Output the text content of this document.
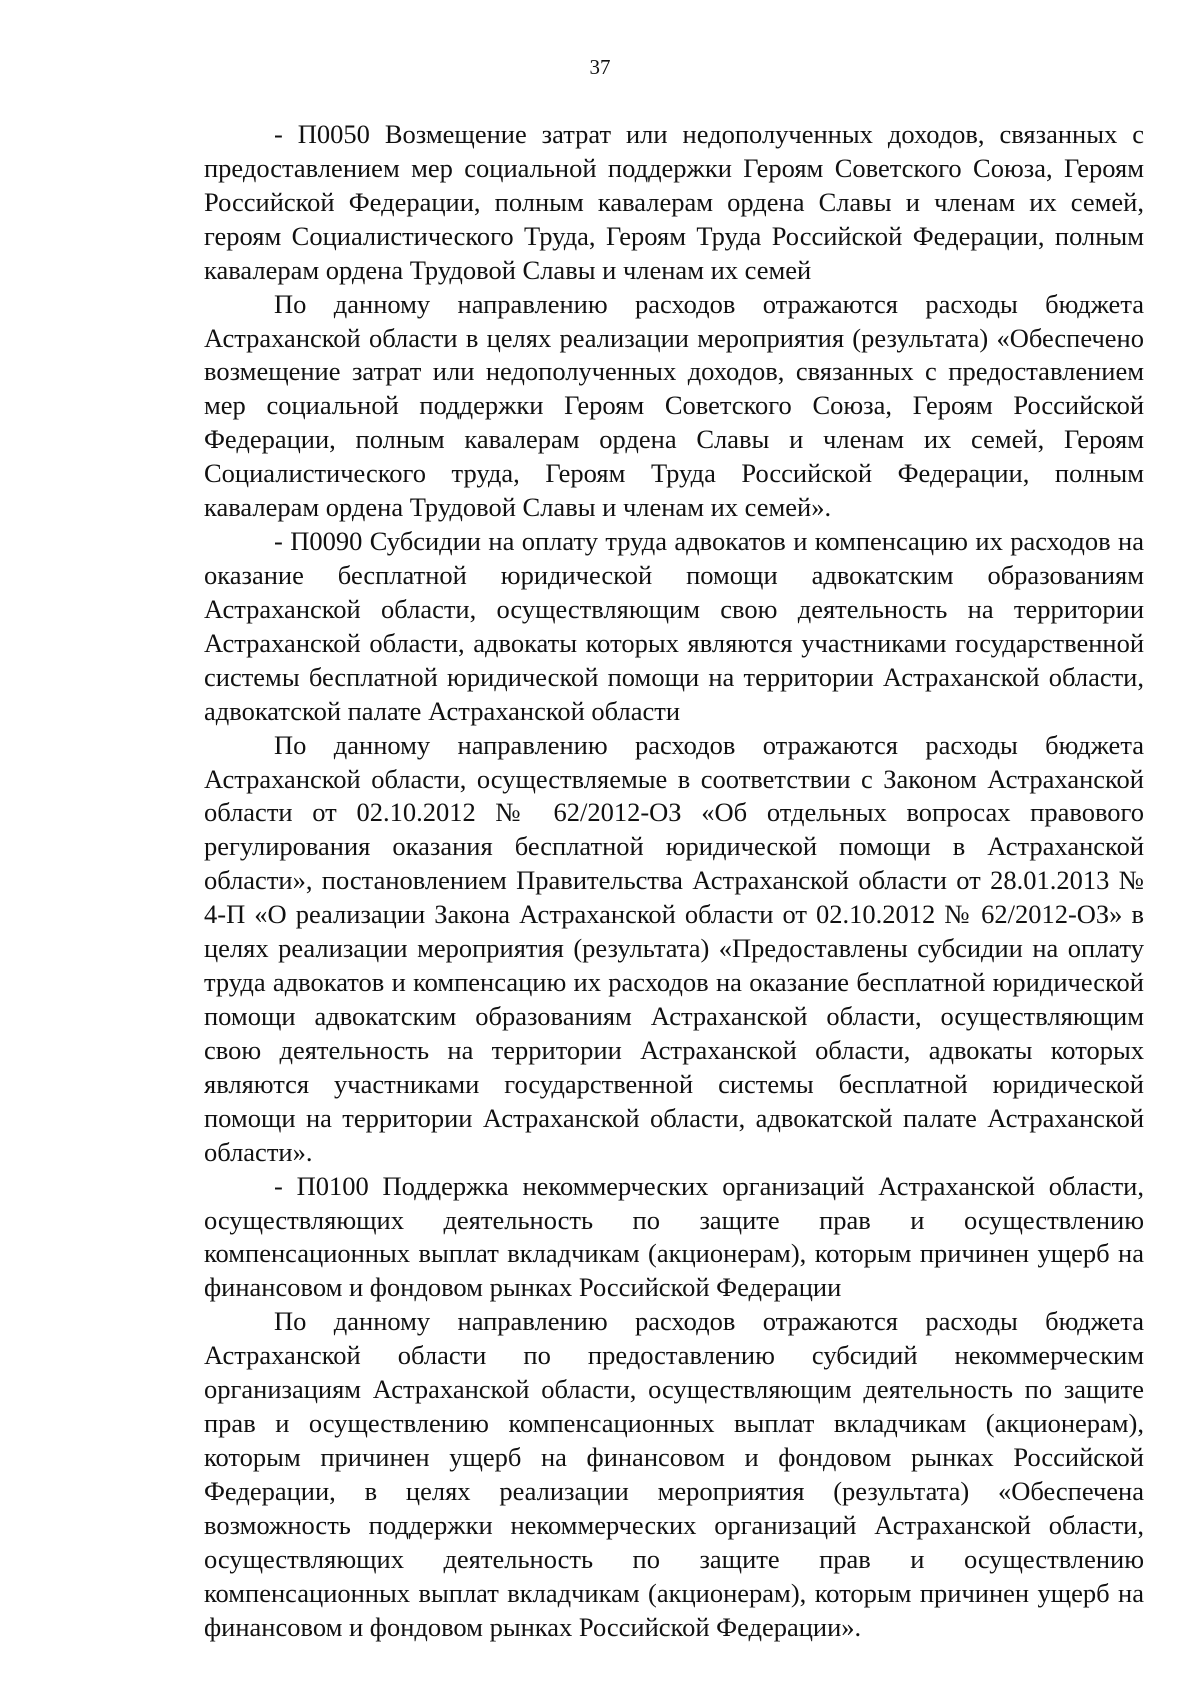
37

- П0050 Возмещение затрат или недополученных доходов, связанных с предоставлением мер социальной поддержки Героям Советского Союза, Героям Российской Федерации, полным кавалерам ордена Славы и членам их семей, героям Социалистического Труда, Героям Труда Российской Федерации, полным кавалерам ордена Трудовой Славы и членам их семей

По данному направлению расходов отражаются расходы бюджета Астраханской области в целях реализации мероприятия (результата) «Обеспечено возмещение затрат или недополученных доходов, связанных с предоставлением мер социальной поддержки Героям Советского Союза, Героям Российской Федерации, полным кавалерам ордена Славы и членам их семей, Героям Социалистического труда, Героям Труда Российской Федерации, полным кавалерам ордена Трудовой Славы и членам их семей».

- П0090 Субсидии на оплату труда адвокатов и компенсацию их расходов на оказание бесплатной юридической помощи адвокатским образованиям Астраханской области, осуществляющим свою деятельность на территории Астраханской области, адвокаты которых являются участниками государственной системы бесплатной юридической помощи на территории Астраханской области, адвокатской палате Астраханской области

По данному направлению расходов отражаются расходы бюджета Астраханской области, осуществляемые в соответствии с Законом Астраханской области от 02.10.2012 № 62/2012-ОЗ «Об отдельных вопросах правового регулирования оказания бесплатной юридической помощи в Астраханской области», постановлением Правительства Астраханской области от 28.01.2013 № 4-П «О реализации Закона Астраханской области от 02.10.2012 № 62/2012-ОЗ» в целях реализации мероприятия (результата) «Предоставлены субсидии на оплату труда адвокатов и компенсацию их расходов на оказание бесплатной юридической помощи адвокатским образованиям Астраханской области, осуществляющим свою деятельность на территории Астраханской области, адвокаты которых являются участниками государственной системы бесплатной юридической помощи на территории Астраханской области, адвокатской палате Астраханской области».

- П0100 Поддержка некоммерческих организаций Астраханской области, осуществляющих деятельность по защите прав и осуществлению компенсационных выплат вкладчикам (акционерам), которым причинен ущерб на финансовом и фондовом рынках Российской Федерации

По данному направлению расходов отражаются расходы бюджета Астраханской области по предоставлению субсидий некоммерческим организациям Астраханской области, осуществляющим деятельность по защите прав и осуществлению компенсационных выплат вкладчикам (акционерам), которым причинен ущерб на финансовом и фондовом рынках Российской Федерации, в целях реализации мероприятия (результата) «Обеспечена возможность поддержки некоммерческих организаций Астраханской области, осуществляющих деятельность по защите прав и осуществлению компенсационных выплат вкладчикам (акционерам), которым причинен ущерб на финансовом и фондовом рынках Российской Федерации».
